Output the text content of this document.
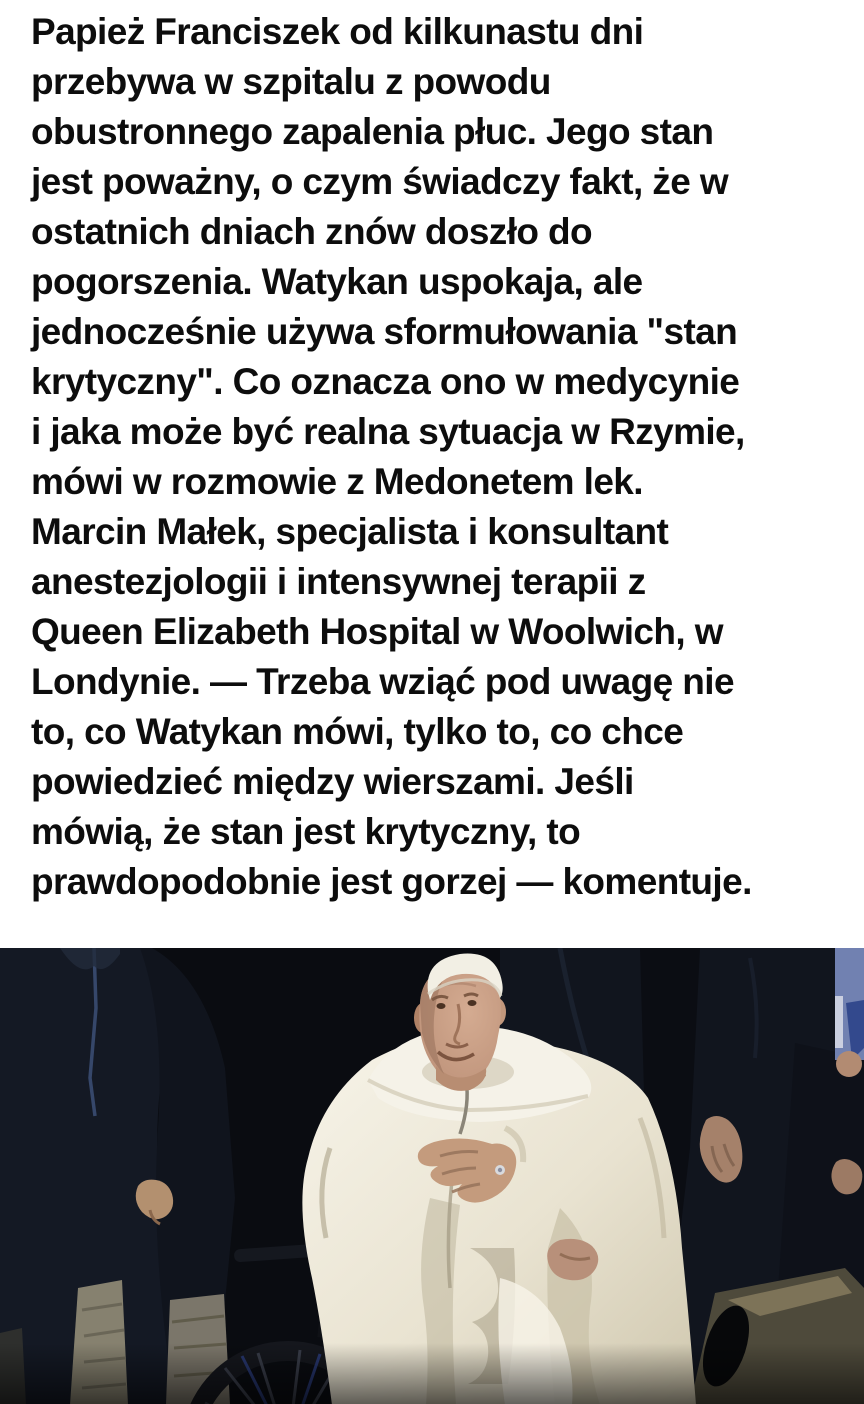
Papież Franciszek od kilkunastu dni
przebywa w szpitalu z powodu
obustronnego zapalenia płuc. Jego stan
jest poważny, o czym świadczy fakt, że w
ostatnich dniach znów doszło do
pogorszenia. Watykan uspokaja, ale
jednocześnie używa sformułowania "stan
krytyczny". Co oznacza ono w medycynie
i jaka może być realna sytuacja w Rzymie,
mówi w rozmowie z Medonetem lek.
Marcin Małek, specjalista i konsultant
anestezjologii i intensywnej terapii z
Queen Elizabeth Hospital w Woolwich, w
Londynie. — Trzeba wziąć pod uwagę nie
to, co Watykan mówi, tylko to, co chce
powiedzieć między wierszami. Jeśli
mówią, że stan jest krytyczny, to
prawdopodobnie jest gorzej — komentuje.
